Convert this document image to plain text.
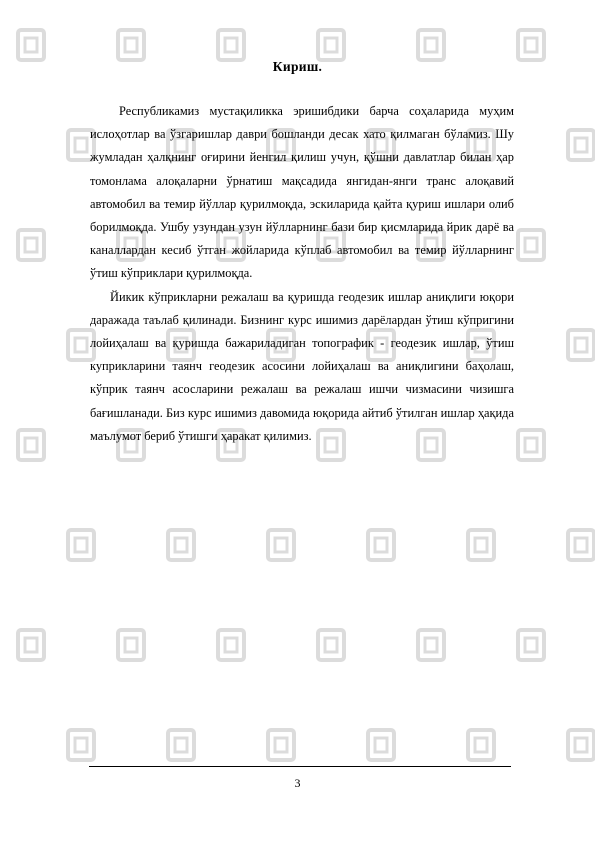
Кириш.

Республикамиз мустақиликка эришибдики барча соҳаларида муҳим ислоҳотлар ва ўзгаришлар даври бошланди десак хато қилмаган бўламиз. Шу жумладан ҳалқнинг оғирини йенгил қилиш учун, қўшни давлатлар билан ҳар томонлама алоқаларни ўрнатиш мақсадида янгидан-янги транс алоқавий автомобил ва темир йўллар қурилмоқда, эскиларида қайта қуриш ишлари олиб борилмоқда. Ушбу узундан узун йўлларнинг бази бир қисмларида йрик дарё ва каналлардан кесиб ўтган жойларида кўплаб автомобил ва темир йўлларнинг ўтиш кўприклари қурилмоқда.

Йикик кўприкларни режалаш ва қуришда геодезик ишлар аниқлиги юқори даражада таълаб қилинади. Бизнинг курс ишимиз дарёлардан ўтиш кўпригини лойиҳалаш ва қуришда бажариладиган топографик - геодезик ишлар, ўтиш куприкларини таянч геодезик асосини лойиҳалаш ва аниқлигини баҳолаш, кўприк таянч асосларини режалаш ва режалаш ишчи чизмасини чизишга бағишланади. Биз курс ишимиз давомида юқорида айтиб ўтилган ишлар ҳақида маълумот бериб ўтишги ҳаракат қилимиз.

3
